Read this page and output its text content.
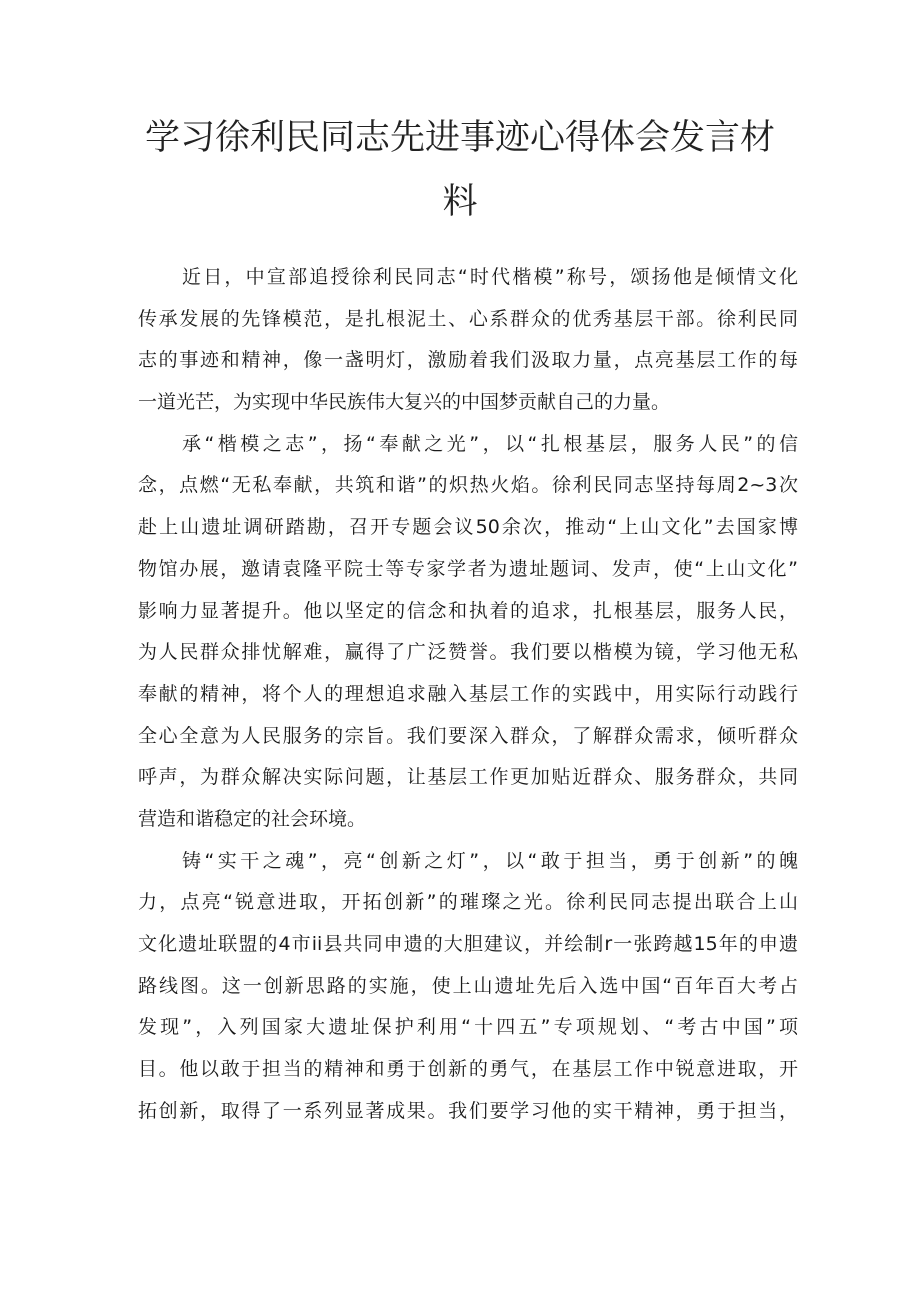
学习徐利民同志先进事迹心得体会发言材
料
近日，中宣部追授徐利民同志“时代楷模”称号，颂扬他是倾情文化
传承发展的先锋模范，是扎根泥土、心系群众的优秀基层干部。徐利民同
志的事迹和精神，像一盏明灯，激励着我们汲取力量，点亮基层工作的每
一道光芒，为实现中华民族伟大复兴的中国梦贡献自己的力量。
承“楷模之志”，扬“奉献之光”，以“扎根基层，服务人民”的信
念，点燃“无私奉献，共筑和谐”的炽热火焰。徐利民同志坚持每周2~3次
赴上山遗址调研踏勘，召开专题会议50余次，推动“上山文化”去国家博
物馆办展，邀请袁隆平院士等专家学者为遗址题词、发声，使“上山文化”
影响力显著提升。他以坚定的信念和执着的追求，扎根基层，服务人民，
为人民群众排忧解难，赢得了广泛赞誉。我们要以楷模为镜，学习他无私
奉献的精神，将个人的理想追求融入基层工作的实践中，用实际行动践行
全心全意为人民服务的宗旨。我们要深入群众，了解群众需求，倾听群众
呼声，为群众解决实际问题，让基层工作更加贴近群众、服务群众，共同
营造和谐稳定的社会环境。
铸“实干之魂”，亮“创新之灯”，以“敢于担当，勇于创新”的魄
力，点亮“锐意进取，开拓创新”的璀璨之光。徐利民同志提出联合上山
文化遗址联盟的4市ii县共同申遗的大胆建议，并绘制r一张跨越15年的申遗
路线图。这一创新思路的实施，使上山遗址先后入选中国“百年百大考占
发现”，入列国家大遗址保护利用“十四五”专项规划、“考古中国”项
目。他以敢于担当的精神和勇于创新的勇气，在基层工作中锐意进取，开
拓创新，取得了一系列显著成果。我们要学习他的实干精神，勇于担当，
